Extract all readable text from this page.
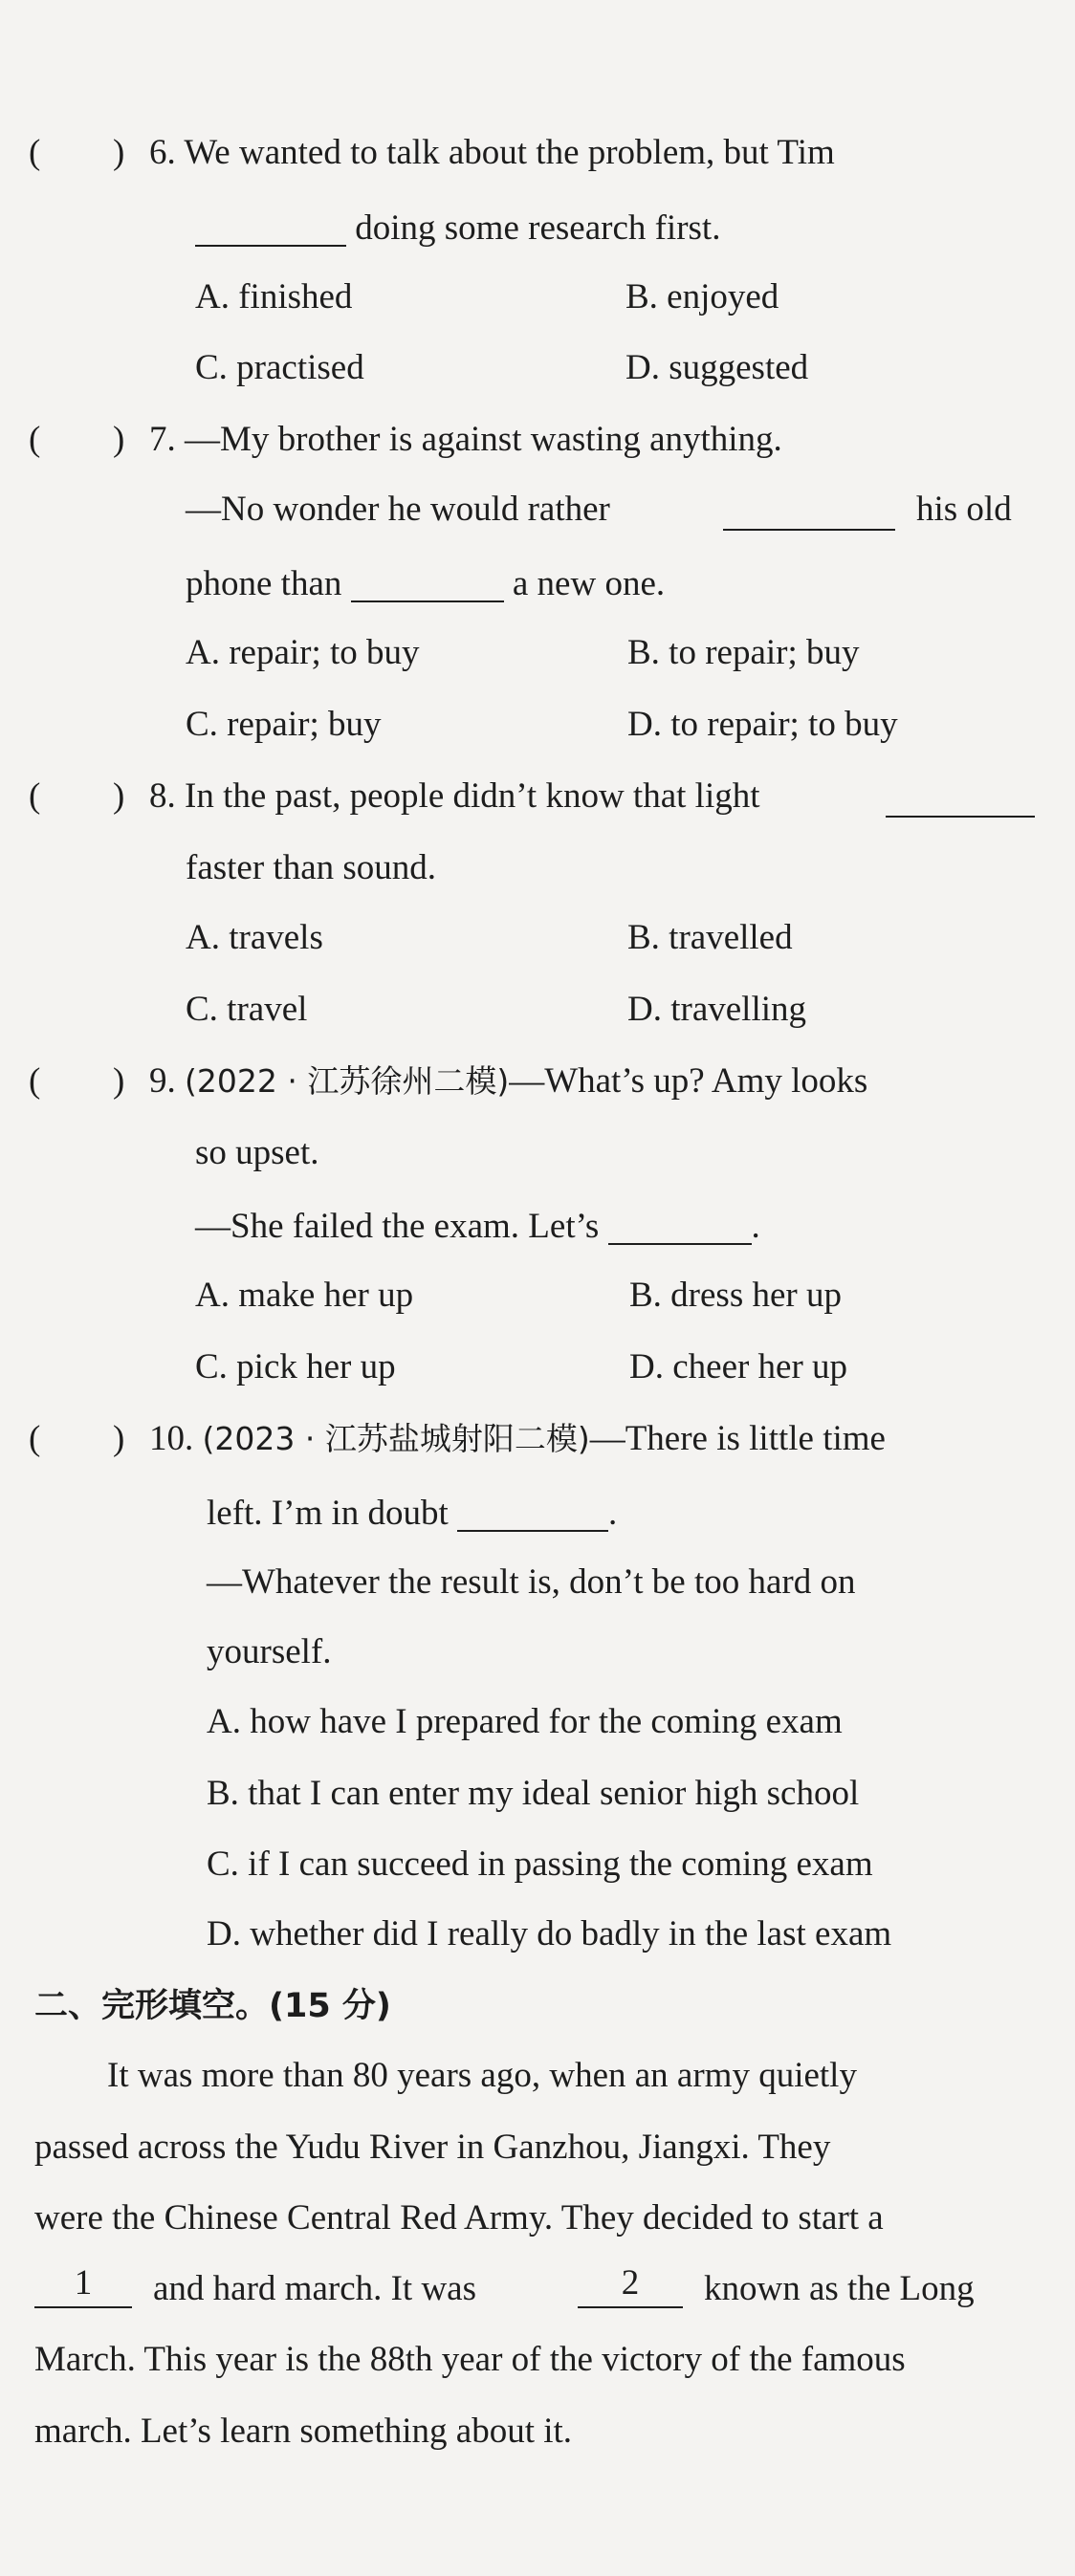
( ) 6. We wanted to talk about the problem, but Tim
doing some research first.
A. finished	B. enjoyed
C. practised	D. suggested
( ) 7. —My brother is against wasting anything.
—No wonder he would rather	his old
phone than	a new one.
A. repair; to buy	B. to repair; buy
C. repair; buy	D. to repair; to buy
( ) 8. In the past, people didn’t know that light
faster than sound.
A. travels	B. travelled
C. travel	D. travelling
( ) 9. (2022 · 江苏徐州二模)—What’s up? Amy looks
so upset.
—She failed the exam. Let’s	.
A. make her up	B. dress her up
C. pick her up	D. cheer her up
( ) 10. (2023 · 江苏盐城射阳二模)—There is little time
left. I’m in doubt	.
—Whatever the result is, don’t be too hard on
yourself.
A. how have I prepared for the coming exam
B. that I can enter my ideal senior high school
C. if I can succeed in passing the coming exam
D. whether did I really do badly in the last exam
二、完形填空。(15 分)
It was more than 80 years ago, when an army quietly
passed across the Yudu River in Ganzhou, Jiangxi. They
were the Chinese Central Red Army. They decided to start a
1	and hard march. It was	2	known as the Long
March. This year is the 88th year of the victory of the famous
march. Let’s learn something about it.
